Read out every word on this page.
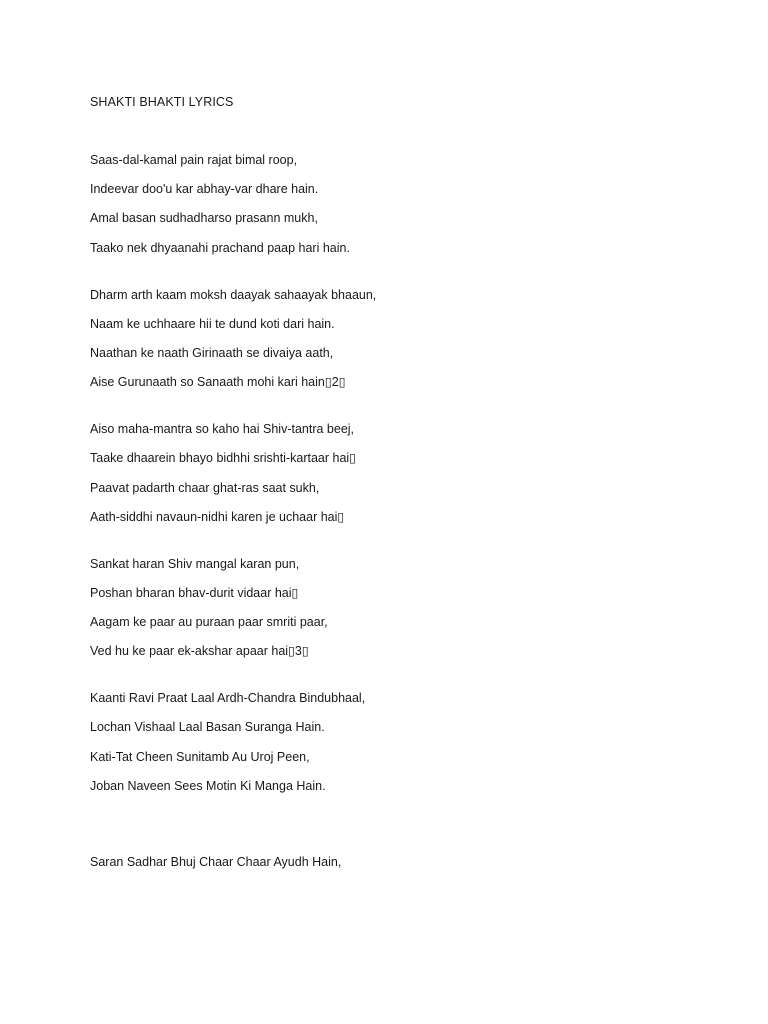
SHAKTI BHAKTI LYRICS
Saas-dal-kamal pain rajat bimal roop,
Indeevar doo'u kar abhay-var dhare hain.
Amal basan sudhadharso prasann mukh,
Taako nek dhyaanahi prachand paap hari hain.
Dharm arth kaam moksh daayak sahaayak bhaaun,
Naam ke uchhaare hii te dund koti dari hain.
Naathan ke naath Girinaath se divaiya aath,
Aise Gurunaath so Sanaath mohi kari hain▯2▯
Aiso maha-mantra so kaho hai Shiv-tantra beej,
Taake dhaarein bhayo bidhhi srishti-kartaar hai▯
Paavat padarth chaar ghat-ras saat sukh,
Aath-siddhi navaun-nidhi karen je uchaar hai▯
Sankat haran Shiv mangal karan pun,
Poshan bharan bhav-durit vidaar hai▯
Aagam ke paar au puraan paar smriti paar,
Ved hu ke paar ek-akshar apaar hai▯3▯
Kaanti Ravi Praat Laal Ardh-Chandra Bindubhaal,
Lochan Vishaal Laal Basan Suranga Hain.
Kati-Tat Cheen Sunitamb Au Uroj Peen,
Joban Naveen Sees Motin Ki Manga Hain.
Saran Sadhar Bhuj Chaar Chaar Ayudh Hain,
